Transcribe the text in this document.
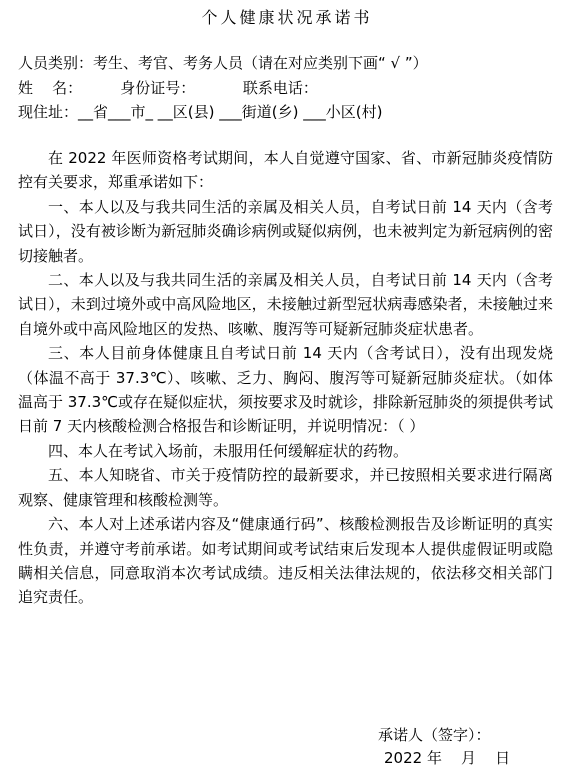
个人健康状况承诺书
人员类别：考生、考官、考务人员（请在对应类别下画“ √ ”）
姓    名：        身份证号：          联系电话：
现住址：__省___市_ __区(县) ___街道(乡) ___小区(村)

在 2022 年医师资格考试期间，本人自觉遵守国家、省、市新冠肺炎疫情防控有关要求，郑重承诺如下：

一、本人以及与我共同生活的亲属及相关人员，自考试日前 14 天内（含考试日），没有被诊断为新冠肺炎确诊病例或疑似病例，也未被判定为新冠病例的密切接触者。

二、本人以及与我共同生活的亲属及相关人员，自考试日前 14 天内（含考试日），未到过境外或中高风险地区，未接触过新型冠状病毒感染者，未接触过来自境外或中高风险地区的发热、咳嗽、腹泻等可疑新冠肺炎症状患者。

三、本人目前身体健康且自考试日前 14 天内（含考试日），没有出现发烧（体温不高于 37.3℃）、咳嗽、乏力、胸闷、腹泻等可疑新冠肺炎症状。（如体温高于 37.3℃或存在疑似症状，须按要求及时就诊，排除新冠肺炎的须提供考试日前 7 天内核酸检测合格报告和诊断证明，并说明情况：（ ）

四、本人在考试入场前，未服用任何缓解症状的药物。

五、本人知晓省、市关于疫情防控的最新要求，并已按照相关要求进行隔离观察、健康管理和核酸检测等。

六、本人对上述承诺内容及“健康通行码”、核酸检测报告及诊断证明的真实性负责，并遵守考前承诺。如考试期间或考试结束后发现本人提供虚假证明或隐瞒相关信息，同意取消本次考试成绩。违反相关法律法规的，依法移交相关部门追究责任。

承诺人（签字）：
2022 年    月    日
